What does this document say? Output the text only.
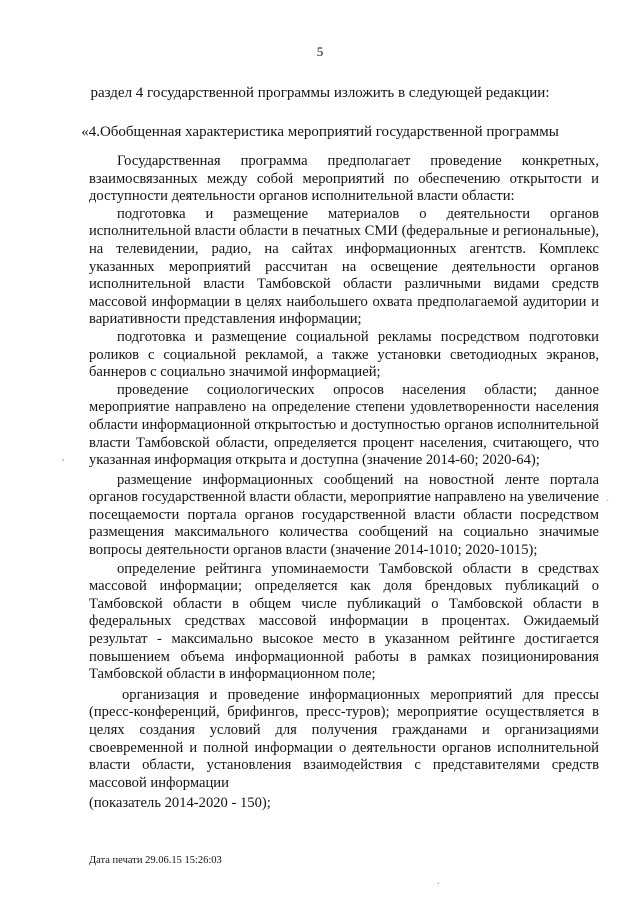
5
раздел 4 государственной программы изложить в следующей редакции:
«4.Обобщенная характеристика мероприятий государственной программы

Государственная программа предполагает проведение конкретных, взаимосвязанных между собой мероприятий по обеспечению открытости и доступности деятельности органов исполнительной власти области:

подготовка и размещение материалов о деятельности органов исполнительной власти области в печатных СМИ (федеральные и региональные), на телевидении, радио, на сайтах информационных агентств. Комплекс указанных мероприятий рассчитан на освещение деятельности органов исполнительной власти Тамбовской области различными видами средств массовой информации в целях наибольшего охвата предполагаемой аудитории и вариативности представления информации;

подготовка и размещение социальной рекламы посредством подготовки роликов с социальной рекламой, а также установки светодиодных экранов, баннеров с социально значимой информацией;

проведение социологических опросов населения области; данное мероприятие направлено на определение степени удовлетворенности населения области информационной открытостью и доступностью органов исполнительной власти Тамбовской области, определяется процент населения, считающего, что указанная информация открыта и доступна (значение 2014-60; 2020-64);

размещение информационных сообщений на новостной ленте портала органов государственной власти области, мероприятие направлено на увеличение посещаемости портала органов государственной власти области посредством размещения максимального количества сообщений на социально значимые вопросы деятельности органов власти (значение 2014-1010; 2020-1015);

определение рейтинга упоминаемости Тамбовской области в средствах массовой информации; определяется как доля брендовых публикаций о Тамбовской области в общем числе публикаций о Тамбовской области в федеральных средствах массовой информации в процентах. Ожидаемый результат - максимально высокое место в указанном рейтинге достигается повышением объема информационной работы в рамках позиционирования Тамбовской области в информационном поле;

организация и проведение информационных мероприятий для прессы (пресс-конференций, брифингов, пресс-туров); мероприятие осуществляется в целях создания условий для получения гражданами и организациями своевременной и полной информации о деятельности органов исполнительной власти области, установления взаимодействия с представителями средств массовой информации

(показатель 2014-2020 - 150);

Дата печати 29.06.15 15:26:03
,
·
.
